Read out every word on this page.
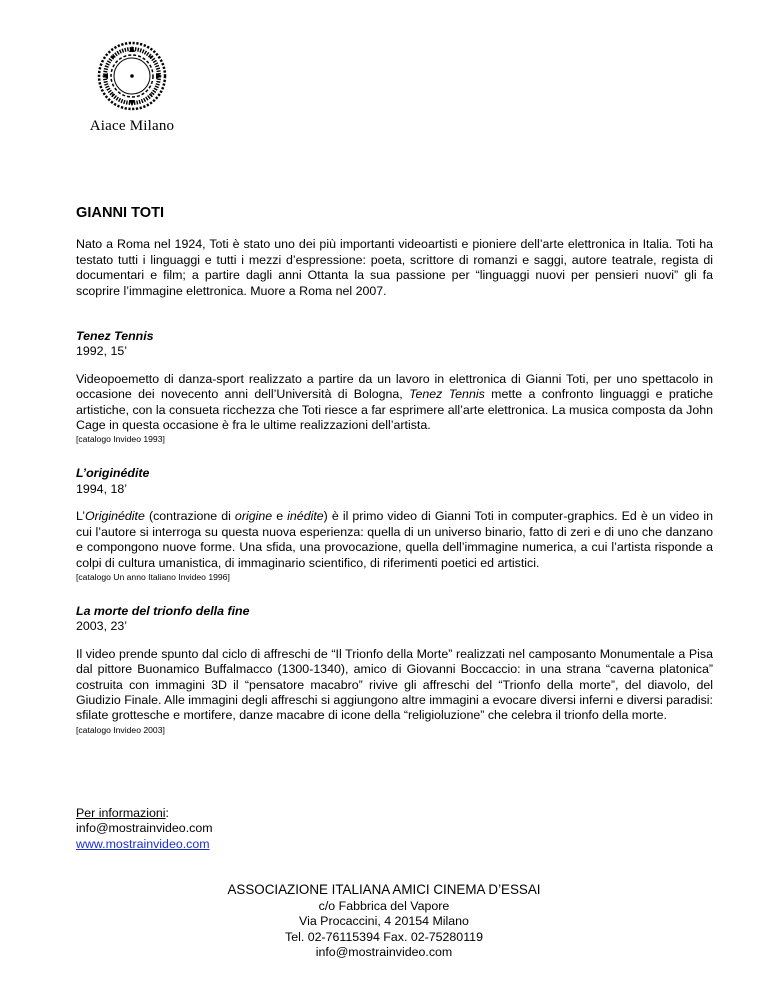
Aiace Milano
GIANNI TOTI

Nato a Roma nel 1924, Toti è stato uno dei più importanti videoartisti e pioniere dell’arte elettronica in Italia. Toti ha testato tutti i linguaggi e tutti i mezzi d’espressione: poeta, scrittore di romanzi e saggi, autore teatrale, regista di documentari e film; a partire dagli anni Ottanta la sua passione per “linguaggi nuovi per pensieri nuovi” gli fa scoprire l’immagine elettronica. Muore a Roma nel 2007.

Tenez Tennis
1992, 15’

Videopoemetto di danza-sport realizzato a partire da un lavoro in elettronica di Gianni Toti, per uno spettacolo in occasione dei novecento anni dell’Università di Bologna, Tenez Tennis mette a confronto linguaggi e pratiche artistiche, con la consueta ricchezza che Toti riesce a far esprimere all’arte elettronica. La musica composta da John Cage in questa occasione è fra le ultime realizzazioni dell’artista.

[catalogo Invideo 1993]
L’originédite
1994, 18’

L’Originédite (contrazione di origine e inédite) è il primo video di Gianni Toti in computer-graphics. Ed è un video in cui l’autore si interroga su questa nuova esperienza: quella di un universo binario, fatto di zeri e di uno che danzano e compongono nuove forme. Una sfida, una provocazione, quella dell’immagine numerica, a cui l’artista risponde a colpi di cultura umanistica, di immaginario scientifico, di riferimenti poetici ed artistici.

[catalogo Un anno Italiano Invideo 1996]
La morte del trionfo della fine
2003, 23’

Il video prende spunto dal ciclo di affreschi de “Il Trionfo della Morte” realizzati nel camposanto Monumentale a Pisa dal pittore Buonamico Buffalmacco (1300-1340), amico di Giovanni Boccaccio: in una strana “caverna platonica” costruita con immagini 3D il “pensatore macabro” rivive gli affreschi del “Trionfo della morte”, del diavolo, del Giudizio Finale. Alle immagini degli affreschi si aggiungono altre immagini a evocare diversi inferni e diversi paradisi: sfilate grottesche e mortifere, danze macabre di icone della “religioluzione” che celebra il trionfo della morte.

[catalogo Invideo 2003]
Per informazioni:
info@mostrainvideo.com
www.mostrainvideo.com
ASSOCIAZIONE ITALIANA AMICI CINEMA D’ESSAI
c/o Fabbrica del Vapore
Via Procaccini, 4 20154 Milano
Tel. 02-76115394 Fax. 02-75280119
info@mostrainvideo.com
